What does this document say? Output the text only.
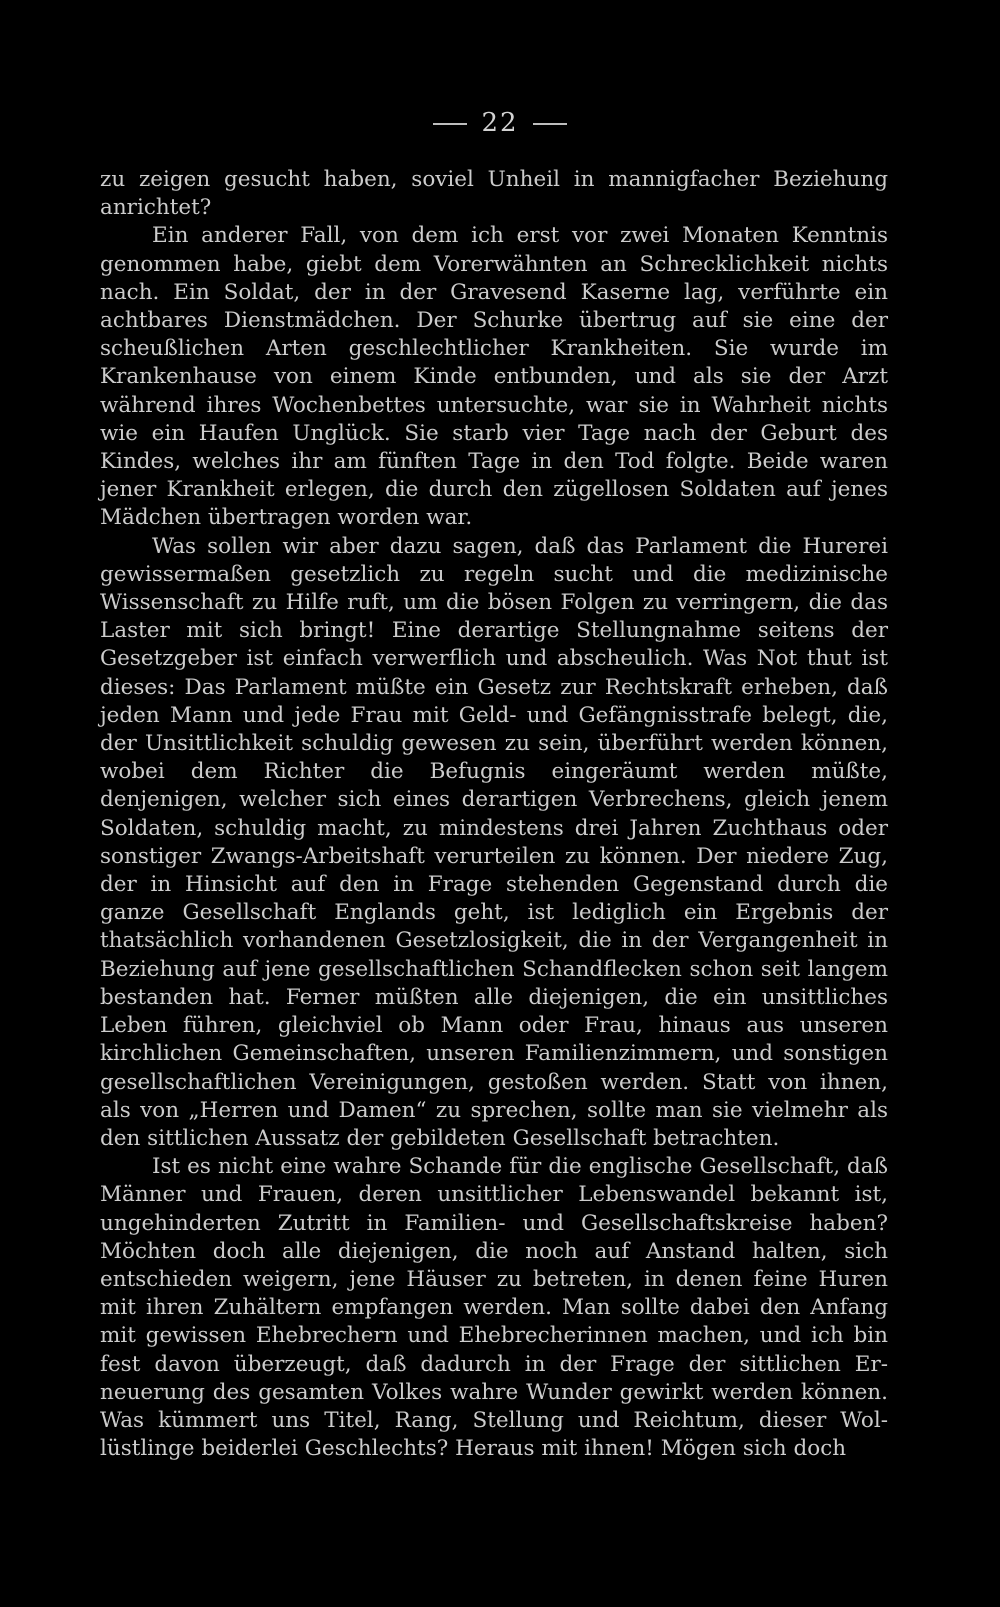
22

zu zeigen gesucht haben, soviel Unheil in mannigfacher Beziehung anrichtet?

Ein anderer Fall, von dem ich erst vor zwei Monaten Kenntnis genommen habe, giebt dem Vorerwähnten an Schrecklichkeit nichts nach. Ein Soldat, der in der Gravesend Kaserne lag, verführte ein achtbares Dienstmädchen. Der Schurke übertrug auf sie eine der scheußlichen Arten geschlechtlicher Krankheiten. Sie wurde im Krankenhause von einem Kinde entbunden, und als sie der Arzt während ihres Wochenbettes untersuchte, war sie in Wahrheit nichts wie ein Haufen Unglück. Sie starb vier Tage nach der Geburt des Kindes, welches ihr am fünften Tage in den Tod folgte. Beide waren jener Krankheit erlegen, die durch den zügellosen Soldaten auf jenes Mädchen übertragen worden war.

Was sollen wir aber dazu sagen, daß das Parlament die Hurerei gewissermaßen gesetzlich zu regeln sucht und die medizinische Wissenschaft zu Hilfe ruft, um die bösen Folgen zu verringern, die das Laster mit sich bringt! Eine derartige Stellungnahme seitens der Gesetzgeber ist einfach verwerflich und abscheulich. Was Not thut ist dieses: Das Parlament müßte ein Gesetz zur Rechtskraft erheben, daß jeden Mann und jede Frau mit Geld- und Gefängnisstrafe belegt, die, der Unsittlichkeit schuldig gewesen zu sein, überführt werden können, wobei dem Richter die Befugnis eingeräumt werden müßte, denjenigen, welcher sich eines derartigen Verbrechens, gleich jenem Soldaten, schuldig macht, zu mindestens drei Jahren Zuchthaus oder sonstiger Zwangs-Arbeitshaft verurteilen zu können. Der niedere Zug, der in Hinsicht auf den in Frage stehenden Gegenstand durch die ganze Gesellschaft Englands geht, ist lediglich ein Ergebnis der thatsächlich vorhandenen Gesetzlosigkeit, die in der Vergangenheit in Beziehung auf jene gesellschaftlichen Schandflecken schon seit langem bestanden hat. Ferner müßten alle diejenigen, die ein unsittliches Leben führen, gleichviel ob Mann oder Frau, hinaus aus unseren kirchlichen Gemeinschaften, unseren Familienzimmern, und sonstigen gesellschaftlichen Vereinigungen, gestoßen werden. Statt von ihnen, als von „Herren und Damen“ zu sprechen, sollte man sie vielmehr als den sittlichen Aussatz der gebildeten Gesellschaft betrachten.

Ist es nicht eine wahre Schande für die englische Gesellschaft, daß Männer und Frauen, deren unsittlicher Lebenswandel bekannt ist, ungehinderten Zutritt in Familien- und Gesellschaftskreise haben? Möchten doch alle diejenigen, die noch auf Anstand halten, sich entschieden weigern, jene Häuser zu betreten, in denen feine Huren mit ihren Zuhältern empfangen werden. Man sollte dabei den Anfang mit gewissen Ehebrechern und Ehebrecherinnen machen, und ich bin fest davon überzeugt, daß dadurch in der Frage der sittlichen Erneuerung des gesamten Volkes wahre Wunder gewirkt werden können. Was kümmert uns Titel, Rang, Stellung und Reichtum, dieser Wollüstlinge beiderlei Geschlechts? Heraus mit ihnen! Mögen sich doch
